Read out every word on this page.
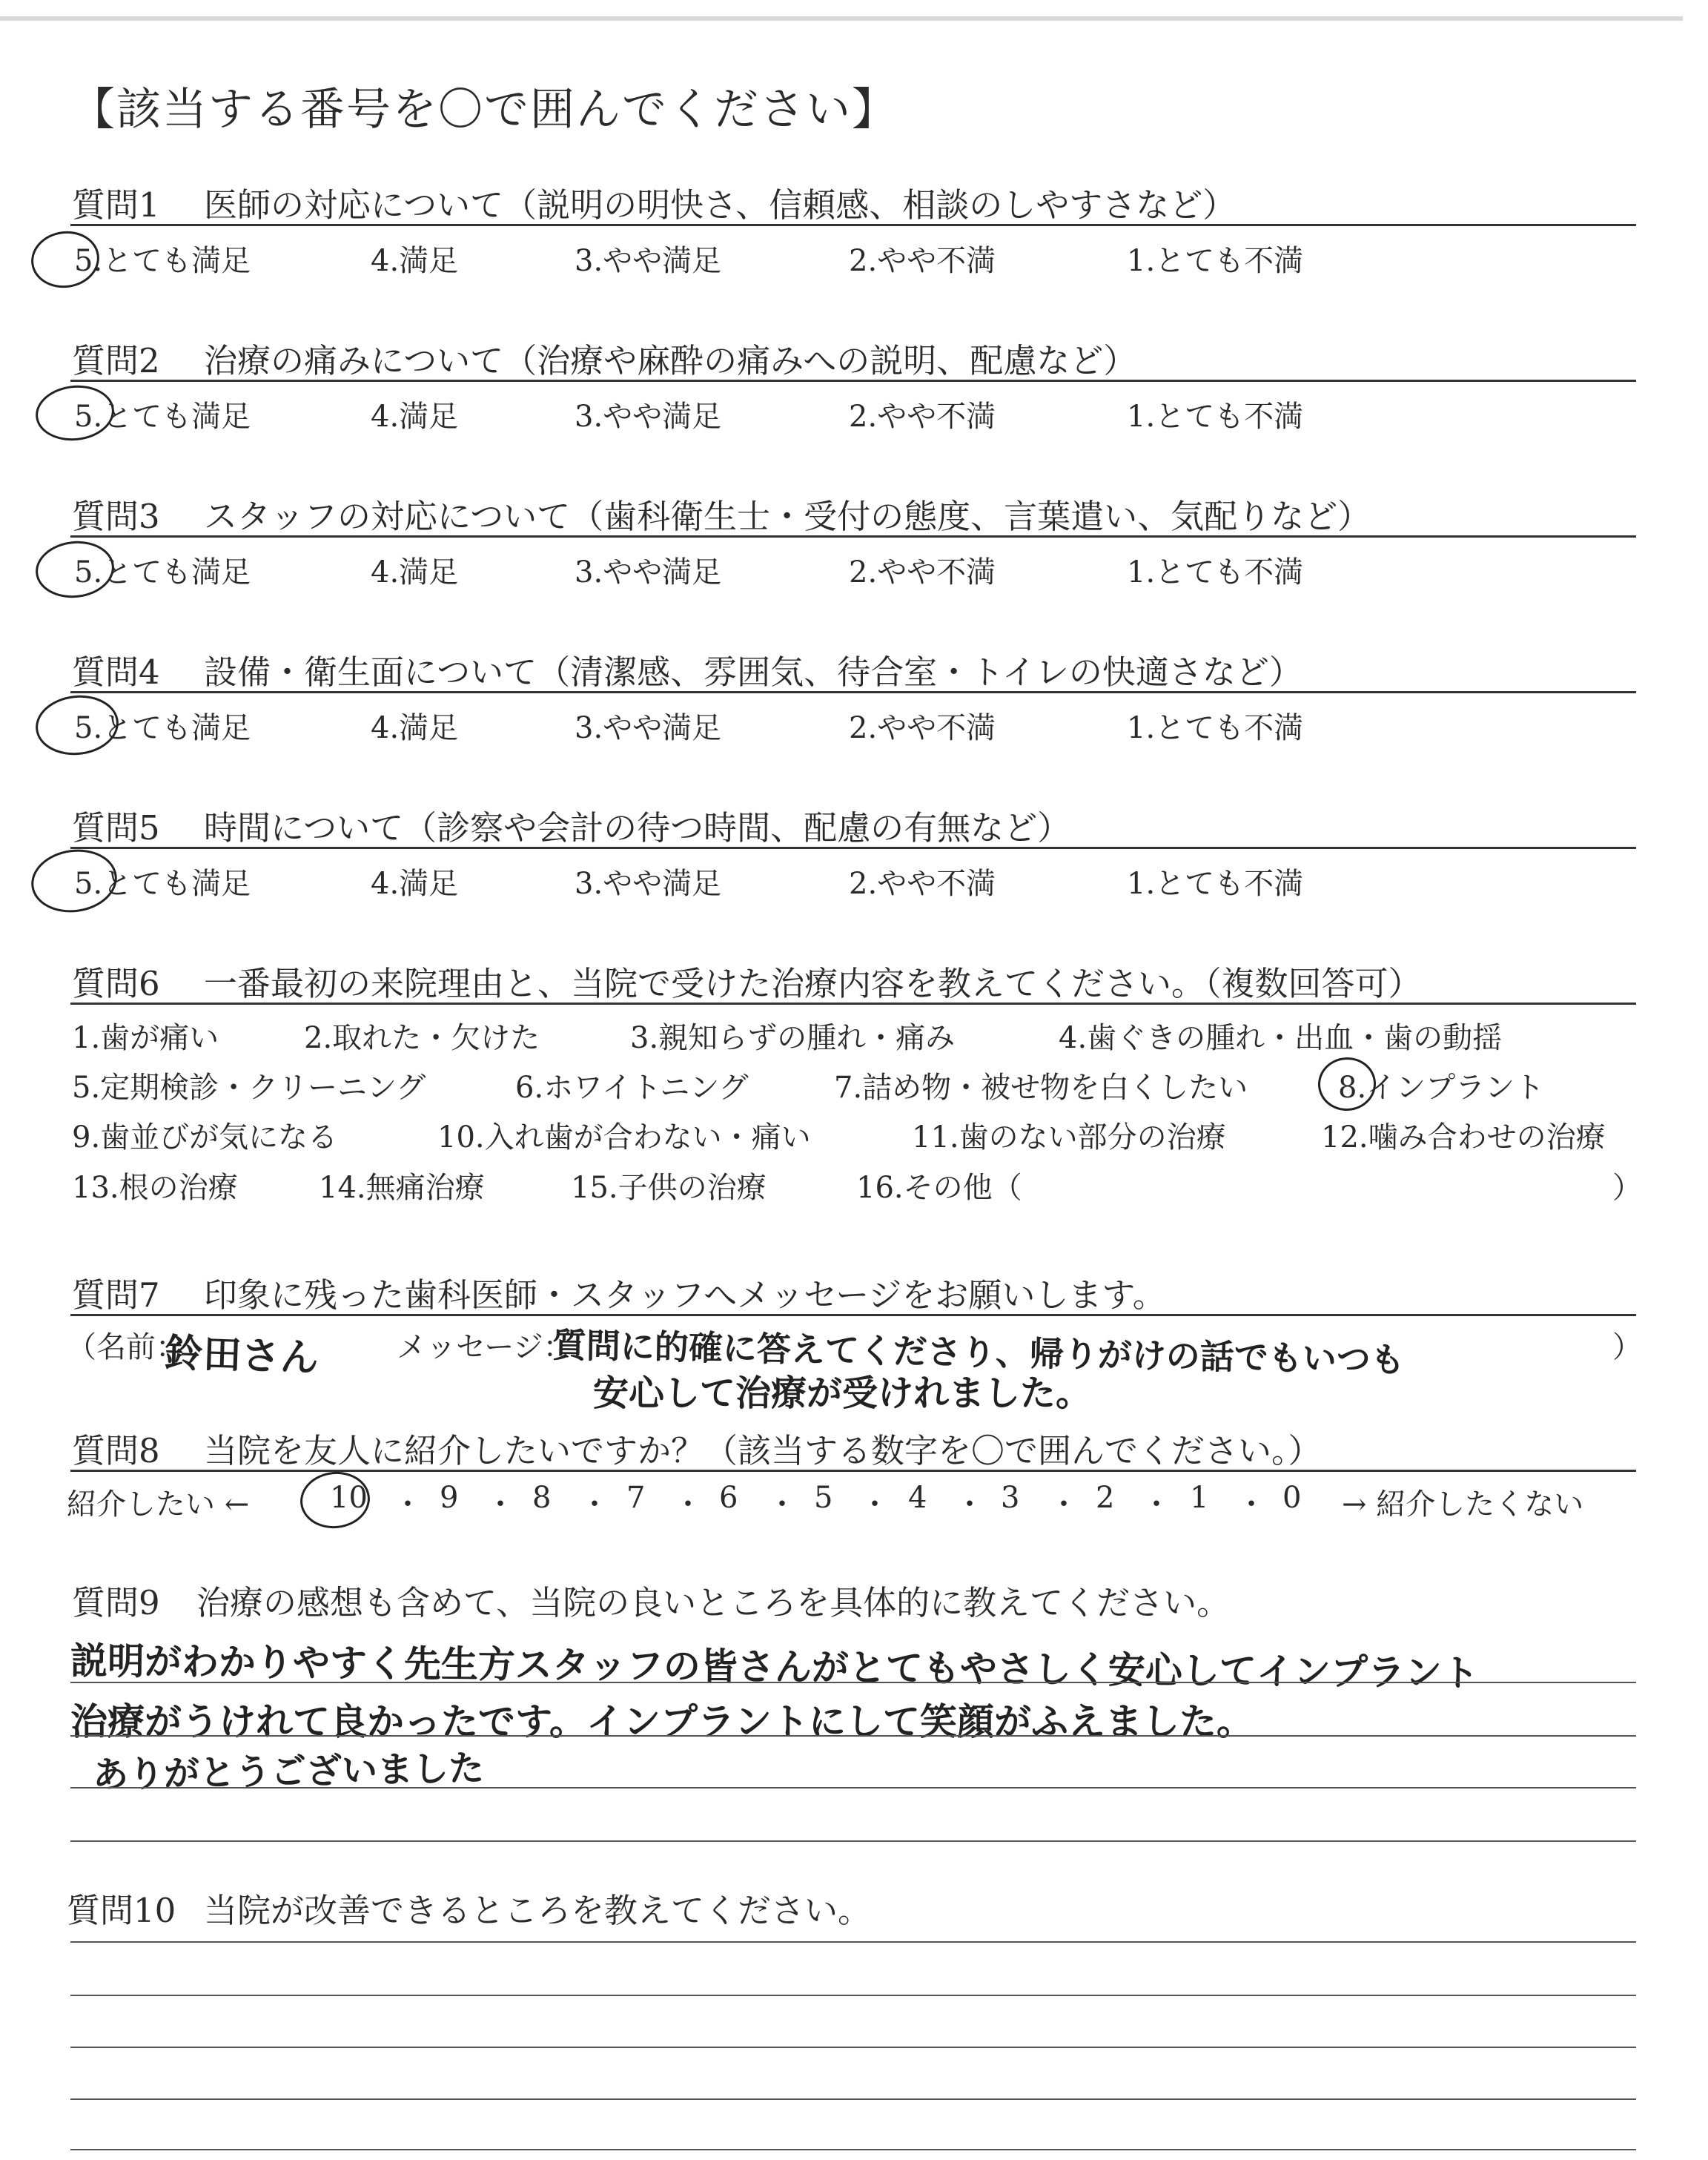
【該当する番号を〇で囲んでください】
質問1 医師の対応について（説明の明快さ、信頼感、相談のしやすさなど）
5.とても満足	4.満足	3.やや満足	2.やや不満	1.とても不満
質問2 治療の痛みについて（治療や麻酔の痛みへの説明、配慮など）
5.とても満足	4.満足	3.やや満足	2.やや不満	1.とても不満
質問3 スタッフの対応について（歯科衛生士・受付の態度、言葉遣い、気配りなど）
5.とても満足	4.満足	3.やや満足	2.やや不満	1.とても不満
質問4 設備・衛生面について（清潔感、雰囲気、待合室・トイレの快適さなど）
5.とても満足	4.満足	3.やや満足	2.やや不満	1.とても不満
質問5 時間について（診察や会計の待つ時間、配慮の有無など）
5.とても満足	4.満足	3.やや満足	2.やや不満	1.とても不満
質問6 一番最初の来院理由と、当院で受けた治療内容を教えてください。（複数回答可）
1.歯が痛い	2.取れた・欠けた	3.親知らずの腫れ・痛み	4.歯ぐきの腫れ・出血・歯の動揺
5.定期検診・クリーニング	6.ホワイトニング	7.詰め物・被せ物を白くしたい	8.インプラント
9.歯並びが気になる	10.入れ歯が合わない・痛い	11.歯のない部分の治療	12.噛み合わせの治療
13.根の治療	14.無痛治療	15.子供の治療	16.その他（	）
質問7 印象に残った歯科医師・スタッフへメッセージをお願いします。
（名前：
鈴田さん	メッセージ：
質問に的確に答えてくださり、帰りがけの話でもいつも	）
安心して治療が受けれました。
質問8 当院を友人に紹介したいですか？（該当する数字を〇で囲んでください。）
紹介したい ←	10 ・ 9 ・ 8 ・ 7 ・ 6 ・ 5 ・ 4 ・ 3 ・ 2 ・ 1 ・ 0 → 紹介したくない
質問9 治療の感想も含めて、当院の良いところを具体的に教えてください。
説明がわかりやすく先生方スタッフの皆さんがとてもやさしく安心してインプラント
治療がうけれて良かったです。インプラントにして笑顔がふえました。
ありがとうございました
質問10 当院が改善できるところを教えてください。
